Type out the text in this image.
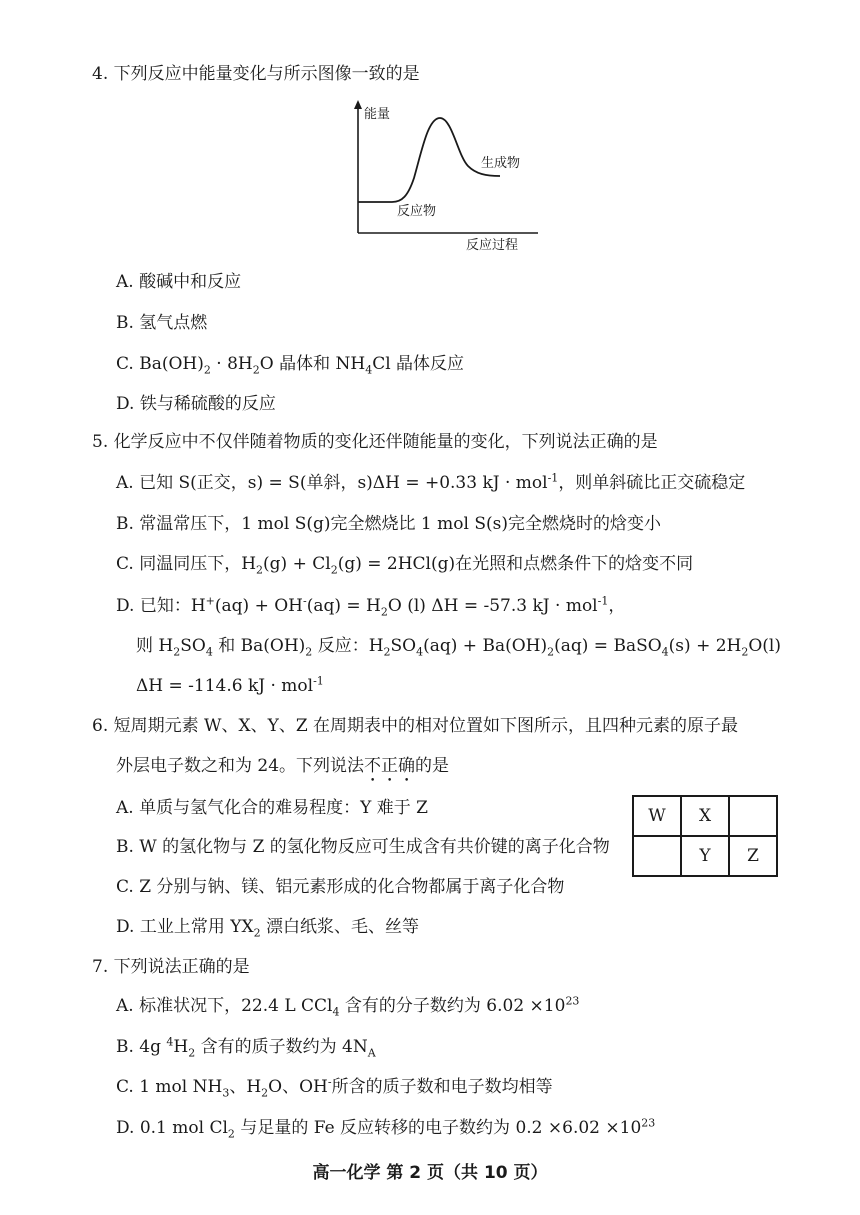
4. 下列反应中能量变化与所示图像一致的是
能量
反应过程
反应物
生成物
A. 酸碱中和反应
B. 氢气点燃
C. $Ba(OH)_2 \cdot 8H_2O$ 晶体和 $NH_4Cl$ 晶体反应
D. 铁与稀硫酸的反应
5. 化学反应中不仅伴随着物质的变化还伴随能量的变化，下列说法正确的是
A. 已知 S(正交，s) = S(单斜，s)ΔH = +0.33 kJ · mol$^{-1}$，则单斜硫比正交硫稳定
B. 常温常压下，1 mol S(g)完全燃烧比 1 mol S(s)完全燃烧时的焓变小
C. 同温同压下，$H_2(g) + Cl_2(g) = 2HCl(g)$在光照和点燃条件下的焓变不同
D. 已知：$H^+(aq) + OH^-(aq) = H_2O$ (l) ΔH = -57.3 kJ · mol$^{-1}$，
则 $H_2SO_4$ 和 $Ba(OH)_2$ 反应：$H_2SO_4(aq) + Ba(OH)_2(aq)$ = BaSO$_4$(s) + $2H_2O(l)$
ΔH = -114.6 kJ · mol$^{-1}$
6. 短周期元素 W、X、Y、Z 在周期表中的相对位置如下图所示，且四种元素的原子最
外层电子数之和为 24。下列说法不正确的是
A. 单质与氢气化合的难易程度：Y 难于 Z
B. W 的氢化物与 Z 的氢化物反应可生成含有共价键的离子化合物
C. Z 分别与钠、镁、铝元素形成的化合物都属于离子化合物
D. 工业上常用 $YX_2$ 漂白纸浆、毛、丝等
W	X	
	Y	Z
7. 下列说法正确的是
A. 标准状况下，22.4 L CCl$_4$ 含有的分子数约为 $6.02 \times 10^{23}$
B. 4g $^4H_2$ 含有的质子数约为 $4N_A$
C. 1 mol $NH_3$、$H_2O$、OH-所含的质子数和电子数均相等
D. 0.1 mol $Cl_2$ 与足量的 Fe 反应转移的电子数约为 $0.2 \times 6.02 \times 10^{23}$
高一化学 第 2 页（共 10 页）
